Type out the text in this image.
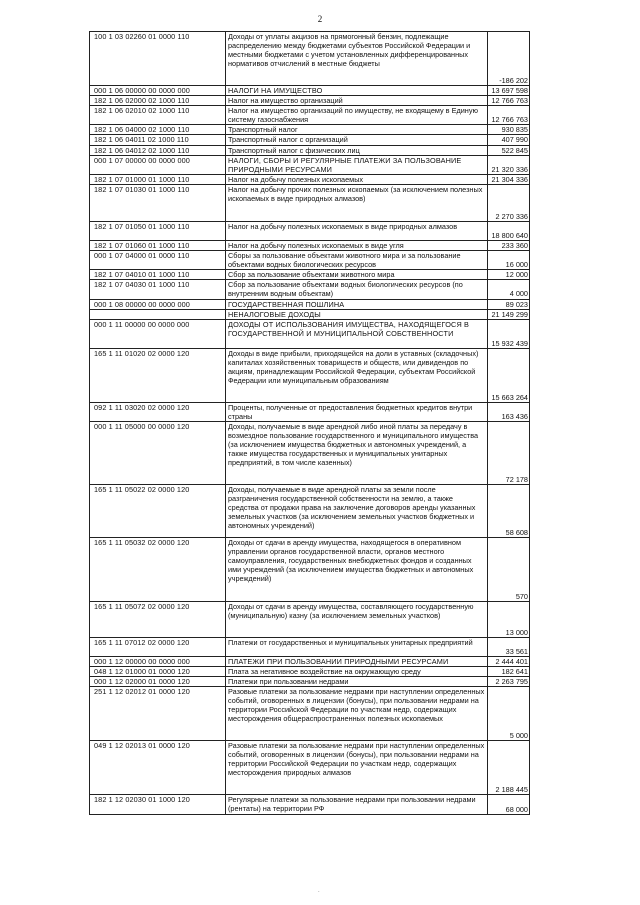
2
100 1 03 02260 01 0000 110	Доходы от уплаты акцизов на прямогонный бензин, подлежащие распределению между бюджетами субъектов Российской Федерации и местными бюджетами с учетом установленных дифференцированных нормативов отчислений в местные бюджеты	-186 202
000 1 06 00000 00 0000 000	НАЛОГИ НА ИМУЩЕСТВО	13 697 598
182 1 06 02000 02 1000 110	Налог на имущество организаций	12 766 763
182 1 06 02010 02 1000 110	Налог на имущество организаций по имуществу, не входящему в Единую систему газоснабжения	12 766 763
182 1 06 04000 02 1000 110	Транспортный налог	930 835
182 1 06 04011 02 1000 110	Транспортный налог с организаций	407 990
182 1 06 04012 02 1000 110	Транспортный налог с физических лиц	522 845
000 1 07 00000 00 0000 000	НАЛОГИ, СБОРЫ И РЕГУЛЯРНЫЕ ПЛАТЕЖИ ЗА ПОЛЬЗОВАНИЕ ПРИРОДНЫМИ РЕСУРСАМИ	21 320 336
182 1 07 01000 01 1000 110	Налог на добычу полезных ископаемых	21 304 336
182 1 07 01030 01 1000 110	Налог на добычу прочих полезных ископаемых (за исключением полезных ископаемых в виде природных алмазов)	2 270 336
182 1 07 01050 01 1000 110	Налог на добычу полезных ископаемых в виде природных алмазов	18 800 640
182 1 07 01060 01 1000 110	Налог на добычу полезных ископаемых в виде угля	233 360
000 1 07 04000 01 0000 110	Сборы за пользование объектами животного мира и за пользование объектами водных биологических ресурсов	16 000
182 1 07 04010 01 1000 110	Сбор за пользование объектами животного мира	12 000
182 1 07 04030 01 1000 110	Сбор за пользование объектами водных биологических ресурсов (по внутренним водным объектам)	4 000
000 1 08 00000 00 0000 000	ГОСУДАРСТВЕННАЯ ПОШЛИНА	89 023
	НЕНАЛОГОВЫЕ ДОХОДЫ	21 149 299
000 1 11 00000 00 0000 000	ДОХОДЫ ОТ ИСПОЛЬЗОВАНИЯ ИМУЩЕСТВА, НАХОДЯЩЕГОСЯ В ГОСУДАРСТВЕННОЙ И МУНИЦИПАЛЬНОЙ СОБСТВЕННОСТИ	15 932 439
165 1 11 01020 02 0000 120	Доходы в виде прибыли, приходящейся на доли в уставных (складочных) капиталах хозяйственных товариществ и обществ, или дивидендов по акциям, принадлежащим Российской Федерации, субъектам Российской Федерации или муниципальным образованиям	15 663 264
092 1 11 03020 02 0000 120	Проценты, полученные от предоставления бюджетных кредитов внутри страны	163 436
000 1 11 05000 00 0000 120	Доходы, получаемые в виде арендной либо иной платы за передачу в возмездное пользование государственного и муниципального имущества (за исключением имущества бюджетных и автономных учреждений, а также имущества государственных и муниципальных унитарных предприятий, в том числе казенных)	72 178
165 1 11 05022 02 0000 120	Доходы, получаемые в виде арендной платы за земли после разграничения государственной собственности на землю, а также средства от продажи права на заключение договоров аренды указанных земельных участков (за исключением земельных участков бюджетных и автономных учреждений)	58 608
165 1 11 05032 02 0000 120	Доходы от сдачи в аренду имущества, находящегося в оперативном управлении органов государственной власти, органов местного самоуправления, государственных внебюджетных фондов и созданных ими учреждений (за исключением имущества бюджетных и автономных учреждений)	570
165 1 11 05072 02 0000 120	Доходы от сдачи в аренду имущества, составляющего государственную (муниципальную) казну (за исключением земельных участков)	13 000
165 1 11 07012 02 0000 120	Платежи от государственных и муниципальных унитарных предприятий	33 561
000 1 12 00000 00 0000 000	ПЛАТЕЖИ ПРИ ПОЛЬЗОВАНИИ ПРИРОДНЫМИ РЕСУРСАМИ	2 444 401
048 1 12 01000 01 0000 120	Плата за негативное воздействие на окружающую среду	182 641
000 1 12 02000 01 0000 120	Платежи при пользовании недрами	2 263 795
251 1 12 02012 01 0000 120	Разовые платежи за пользование недрами при наступлении определенных событий, оговоренных в лицензии (бонусы), при пользовании недрами на территории Российской Федерации по участкам недр, содержащих месторождения общераспространенных полезных ископаемых	5 000
049 1 12 02013 01 0000 120	Разовые платежи за пользование недрами при наступлении определенных событий, оговоренных в лицензии (бонусы), при пользовании недрами на территории Российской Федерации по участкам недр, содержащих месторождения природных алмазов	2 188 445
182 1 12 02030 01 1000 120	Регулярные платежи за пользование недрами при пользовании недрами (рентаты) на территории РФ	68 000
.
